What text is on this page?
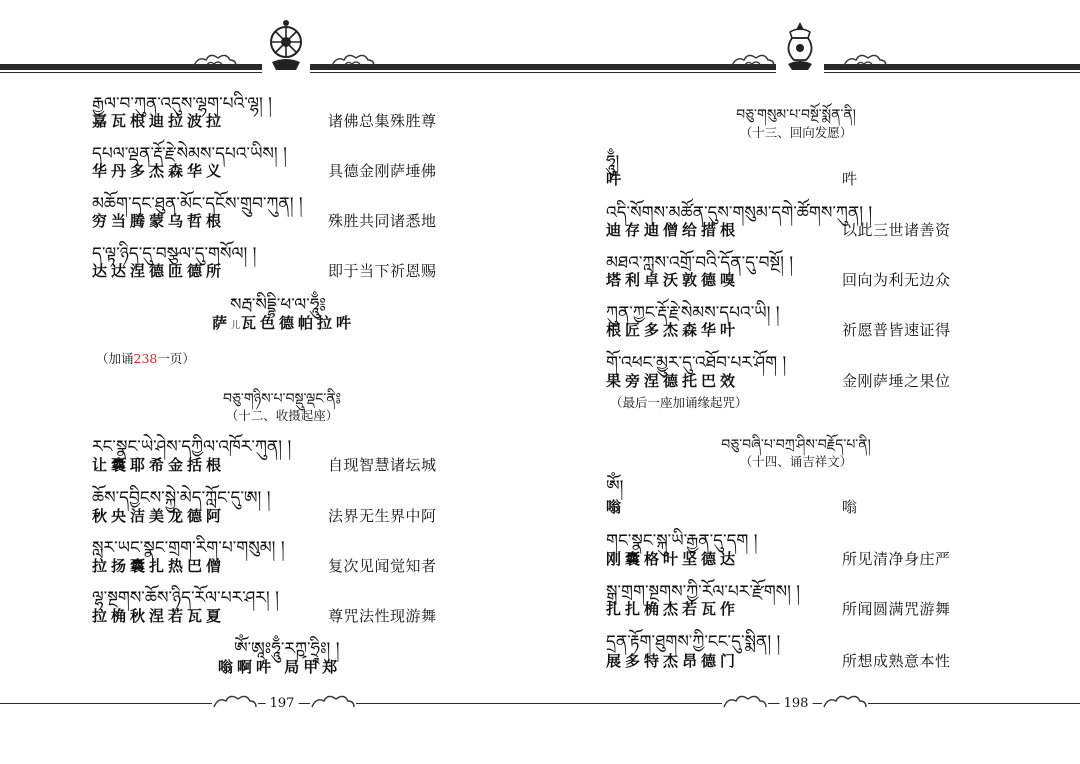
197	198
རྒྱལ་བ་ཀུན་འདུས་ལྷག་པའི་ལྷ། །
嘉瓦根迪拉波拉	诸佛总集殊胜尊
དཔལ་ལྡན་རྡོ་རྗེ་སེམས་དཔའ་ཡིས། །
华丹多杰森华义	具德金刚萨埵佛
མཆོག་དང་ཐུན་མོང་དངོས་གྲུབ་ཀུན། །
穷当腾蒙乌哲根	殊胜共同诸悉地
ད་ལྟ་ཉིད་དུ་བསྩལ་དུ་གསོལ། །
达达涅德匝德所	即于当下祈恩赐
སརྦ་སིདྡྷི་ཕ་ལ་ཧཱུྃ༔
萨儿瓦色德帕拉吽
（加诵238一页）
བཅུ་གཉིས་པ་བསྡུ་ལྡང་ནི༔
（十二、收摄起座）
རང་སྣང་ཡེ་ཤེས་དཀྱིལ་འཁོར་ཀུན། །
让囊耶希金括根	自现智慧诸坛城
ཆོས་དབྱིངས་སྐྱེ་མེད་ཀློང་དུ་ཨ། །
秋央洁美龙德阿	法界无生界中阿
སླར་ཡང་སྣང་གྲག་རིག་པ་གསུམ། །
拉扬囊扎热巴僧	复次见闻觉知者
ལྷ་སྔགས་ཆོས་ཉིད་རོལ་པར་ཤར། །
拉桷秋涅若瓦夏	尊咒法性现游舞
ཨོཾ་ཨཱཿཧཱུྃ་རཀྵ་ཧྲཱིཿ། །
嗡啊吽 局甲郑
བཅུ་གསུམ་པ་བསྔོ་སྨོན་ནི།
（十三、回向发愿）
ཧཱུྃ།
吽	吽
འདི་སོགས་མཚོན་དུས་གསུམ་དགེ་ཚོགས་ཀུན། །
迪存迪僧给措根	以此三世诸善资
མཐའ་ཀླས་འགྲོ་བའི་དོན་དུ་བསྔོ། །
塔利卓沃敦德嗅	回向为利无边众
ཀུན་ཀྱང་རྡོ་རྗེ་སེམས་དཔའ་ཡི། །
根匠多杰森华叶	祈愿普皆速证得
གོ་འཕང་མྱུར་དུ་འཐོབ་པར་ཤོག །
果旁涅德托巴效	金刚萨埵之果位
（最后一座加诵缘起咒）
བཅུ་བཞི་པ་བཀྲ་ཤིས་བརྗོད་པ་ནི།
（十四、诵吉祥文）
ཨོཾ།
嗡	嗡
གང་སྣང་སྐུ་ཡི་རྒྱན་དུ་དག །
刚囊格叶坚德达	所见清净身庄严
སྒྲ་གྲག་སྔགས་ཀྱི་རོལ་པར་རྫོགས། །
扎扎桷杰若瓦作	所闻圆满咒游舞
དྲན་རྟོག་ཐུགས་ཀྱི་ངང་དུ་སྨིན། །
展多特杰昂德门	所想成熟意本性
